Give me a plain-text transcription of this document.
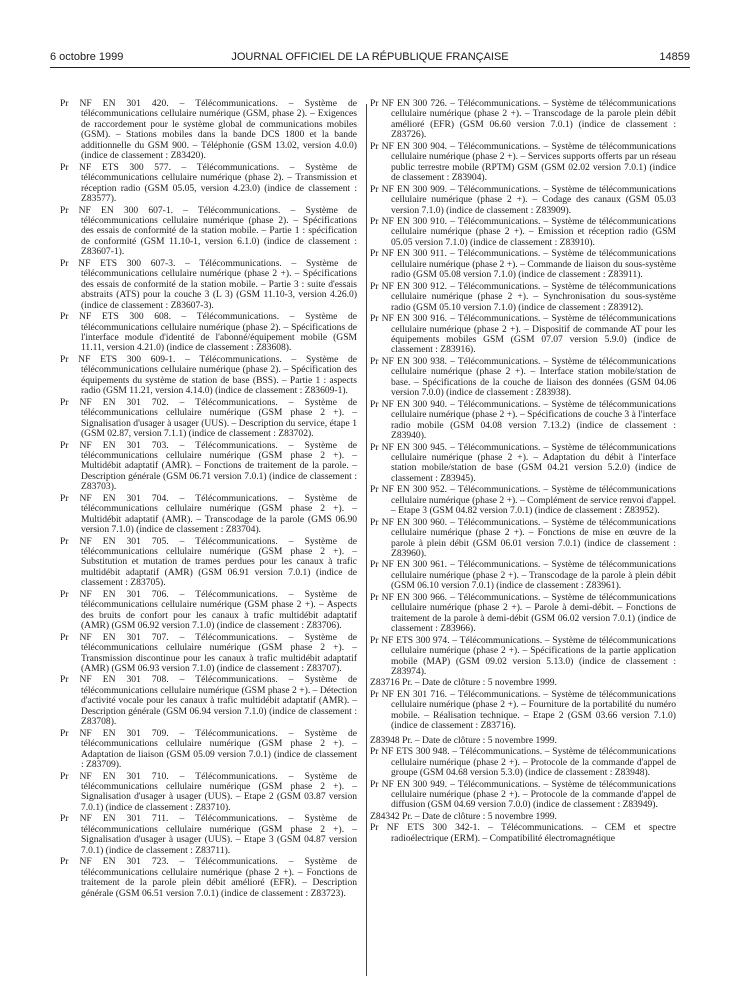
6 octobre 1999	JOURNAL OFFICIEL DE LA RÉPUBLIQUE FRANÇAISE	14859

Pr NF EN 301 420. – Télécommunications. – Système de télécommunications cellulaire numérique (GSM, phase 2). – Exigences de raccordement pour le système global de communications mobiles (GSM). – Stations mobiles dans la bande DCS 1800 et la bande additionnelle du GSM 900. – Téléphonie (GSM 13.02, version 4.0.0) (indice de classement : Z83420).

Pr NF ETS 300 577. – Télécommunications. – Système de télécommunications cellulaire numérique (phase 2). – Transmission et réception radio (GSM 05.05, version 4.23.0) (indice de classement : Z83577).

Pr NF EN 300 607-1. – Télécommunications. – Système de télécommunications cellulaire numérique (phase 2). – Spécifications des essais de conformité de la station mobile. – Partie 1 : spécification de conformité (GSM 11.10-1, version 6.1.0) (indice de classement : Z83607-1).

Pr NF ETS 300 607-3. – Télécommunications. – Système de télécommunications cellulaire numérique (phase 2 +). – Spécifications des essais de conformité de la station mobile. – Partie 3 : suite d'essais abstraits (ATS) pour la couche 3 (L 3) (GSM 11.10-3, version 4.26.0) (indice de classement : Z83607-3).

Pr NF ETS 300 608. – Télécommunications. – Système de télécommunications cellulaire numérique (phase 2). – Spécifications de l'interface module d'identité de l'abonné/équipement mobile (GSM 11.11, version 4.21.0) (indice de classement : Z83608).

Pr NF ETS 300 609-1. – Télécommunications. – Système de télécommunications cellulaire numérique (phase 2). – Spécification des équipements du système de station de base (BSS). – Partie 1 : aspects radio (GSM 11.21, version 4.14.0) (indice de classement : Z83609-1).

Pr NF EN 301 702. – Télécommunications. – Système de télécommunications cellulaire numérique (GSM phase 2 +). – Signalisation d'usager à usager (UUS). – Description du service, étape 1 (GSM 02.87, version 7.1.1) (indice de classement : Z83702).

Pr NF EN 301 703. – Télécommunications. – Système de télécommunications cellulaire numérique (GSM phase 2 +). – Multidébit adaptatif (AMR). – Fonctions de traitement de la parole. – Description générale (GSM 06.71 version 7.0.1) (indice de classement : Z83703).

Pr NF EN 301 704. – Télécommunications. – Système de télécommunications cellulaire numérique (GSM phase 2 +). – Multidébit adaptatif (AMR). – Transcodage de la parole (GMS 06.90 version 7.1.0) (indice de classement : Z83704).

Pr NF EN 301 705. – Télécommunications. – Système de télécommunications cellulaire numérique (GSM phase 2 +). – Substitution et mutation de trames perdues pour les canaux à trafic multidébit adaptatif (AMR) (GSM 06.91 version 7.0.1) (indice de classement : Z83705).

Pr NF EN 301 706. – Télécommunications. – Système de télécommunications cellulaire numérique (GSM phase 2 +). – Aspects des bruits de confort pour les canaux à trafic multidébit adaptatif (AMR) (GSM 06.92 version 7.1.0) (indice de classement : Z83706).

Pr NF EN 301 707. – Télécommunications. – Système de télécommunications cellulaire numérique (GSM phase 2 +). – Transmission discontinue pour les canaux à trafic multidébit adaptatif (AMR) (GSM 06.93 version 7.1.0) (indice de classement : Z83707).

Pr NF EN 301 708. – Télécommunications. – Système de télécommunications cellulaire numérique (GSM phase 2 +). – Détection d'activité vocale pour les canaux à trafic multidébit adaptatif (AMR). – Description générale (GSM 06.94 version 7.1.0) (indice de classement : Z83708).

Pr NF EN 301 709. – Télécommunications. – Système de télécommunications cellulaire numérique (GSM phase 2 +). – Adaptation de liaison (GSM 05.09 version 7.0.1) (indice de classement : Z83709).

Pr NF EN 301 710. – Télécommunications. – Système de télécommunications cellulaire numérique (GSM phase 2 +). – Signalisation d'usager à usager (UUS). – Etape 2 (GSM 03.87 version 7.0.1) (indice de classement : Z83710).

Pr NF EN 301 711. – Télécommunications. – Système de télécommunications cellulaire numérique (GSM phase 2 +). – Signalisation d'usager à usager (UUS). – Etape 3 (GSM 04.87 version 7.0.1) (indice de classement : Z83711).

Pr NF EN 301 723. – Télécommunications. – Système de télécommunications cellulaire numérique (phase 2 +). – Fonctions de traitement de la parole plein débit amélioré (EFR). – Description générale (GSM 06.51 version 7.0.1) (indice de classement : Z83723).

Pr NF EN 300 726. – Télécommunications. – Système de télécommunications cellulaire numérique (phase 2 +). – Transcodage de la parole plein débit amélioré (EFR) (GSM 06.60 version 7.0.1) (indice de classement : Z83726).

Pr NF EN 300 904. – Télécommunications. – Système de télécommunications cellulaire numérique (phase 2 +). – Services supports offerts par un réseau public terrestre mobile (RPTM) GSM (GSM 02.02 version 7.0.1) (indice de classement : Z83904).

Pr NF EN 300 909. – Télécommunications. – Système de télécommunications cellulaire numérique (phase 2 +). – Codage des canaux (GSM 05.03 version 7.1.0) (indice de classement : Z83909).

Pr NF EN 300 910. – Télécommunications. – Système de télécommunications cellulaire numérique (phase 2 +). – Emission et réception radio (GSM 05.05 version 7.1.0) (indice de classement : Z83910).

Pr NF EN 300 911. – Télécommunications. – Système de télécommunications cellulaire numérique (phase 2 +). – Commande de liaison du sous-système radio (GSM 05.08 version 7.1.0) (indice de classement : Z83911).

Pr NF EN 300 912. – Télécommunications. – Système de télécommunications cellulaire numérique (phase 2 +). – Synchronisation du sous-système radio (GSM 05.10 version 7.1.0) (indice de classement : Z83912).

Pr NF EN 300 916. – Télécommunications. – Système de télécommunications cellulaire numérique (phase 2 +). – Dispositif de commande AT pour les équipements mobiles GSM (GSM 07.07 version 5.9.0) (indice de classement : Z83916).

Pr NF EN 300 938. – Télécommunications. – Système de télécommunications cellulaire numérique (phase 2 +). – Interface station mobile/station de base. – Spécifications de la couche de liaison des données (GSM 04.06 version 7.0.0) (indice de classement : Z83938).

Pr NF EN 300 940. – Télécommunications. – Système de télécommunications cellulaire numérique (phase 2 +). – Spécifications de couche 3 à l'interface radio mobile (GSM 04.08 version 7.13.2) (indice de classement : Z83940).

Pr NF EN 300 945. – Télécommunications. – Système de télécommunications cellulaire numérique (phase 2 +). – Adaptation du débit à l'interface station mobile/station de base (GSM 04.21 version 5.2.0) (indice de classement : Z83945).

Pr NF EN 300 952. – Télécommunications. – Système de télécommunications cellulaire numérique (phase 2 +). – Complément de service renvoi d'appel. – Etape 3 (GSM 04.82 version 7.0.1) (indice de classement : Z83952).

Pr NF EN 300 960. – Télécommunications. – Système de télécommunications cellulaire numérique (phase 2 +). – Fonctions de mise en œuvre de la parole à plein débit (GSM 06.01 version 7.0.1) (indice de classement : Z83960).

Pr NF EN 300 961. – Télécommunications. – Système de télécommunications cellulaire numérique (phase 2 +). – Transcodage de la parole à plein débit (GSM 06.10 version 7.0.1) (indice de classement : Z83961).

Pr NF EN 300 966. – Télécommunications. – Système de télécommunications cellulaire numérique (phase 2 +). – Parole à demi-débit. – Fonctions de traitement de la parole à demi-débit (GSM 06.02 version 7.0.1) (indice de classement : Z83966).

Pr NF ETS 300 974. – Télécommunications. – Système de télécommunications cellulaire numérique (phase 2 +). – Spécifications de la partie application mobile (MAP) (GSM 09.02 version 5.13.0) (indice de classement : Z83974).

Z83716 Pr. – Date de clôture : 5 novembre 1999.

Pr NF EN 301 716. – Télécommunications. – Système de télécommunications cellulaire numérique (phase 2 +). – Fourniture de la portabilité du numéro mobile. – Réalisation technique. – Etape 2 (GSM 03.66 version 7.1.0) (indice de classement : Z83716).

Z83948 Pr. – Date de clôture : 5 novembre 1999.

Pr NF ETS 300 948. – Télécommunications. – Système de télécommunications cellulaire numérique (phase 2 +). – Protocole de la commande d'appel de groupe (GSM 04.68 version 5.3.0) (indice de classement : Z83948).

Pr NF EN 300 949. – Télécommunications. – Système de télécommunications cellulaire numérique (phase 2 +). – Protocole de la commande d'appel de diffusion (GSM 04.69 version 7.0.0) (indice de classement : Z83949).

Z84342 Pr. – Date de clôture : 5 novembre 1999.

Pr NF ETS 300 342-1. – Télécommunications. – CEM et spectre radioélectrique (ERM). – Compatibilité électromagnétique
